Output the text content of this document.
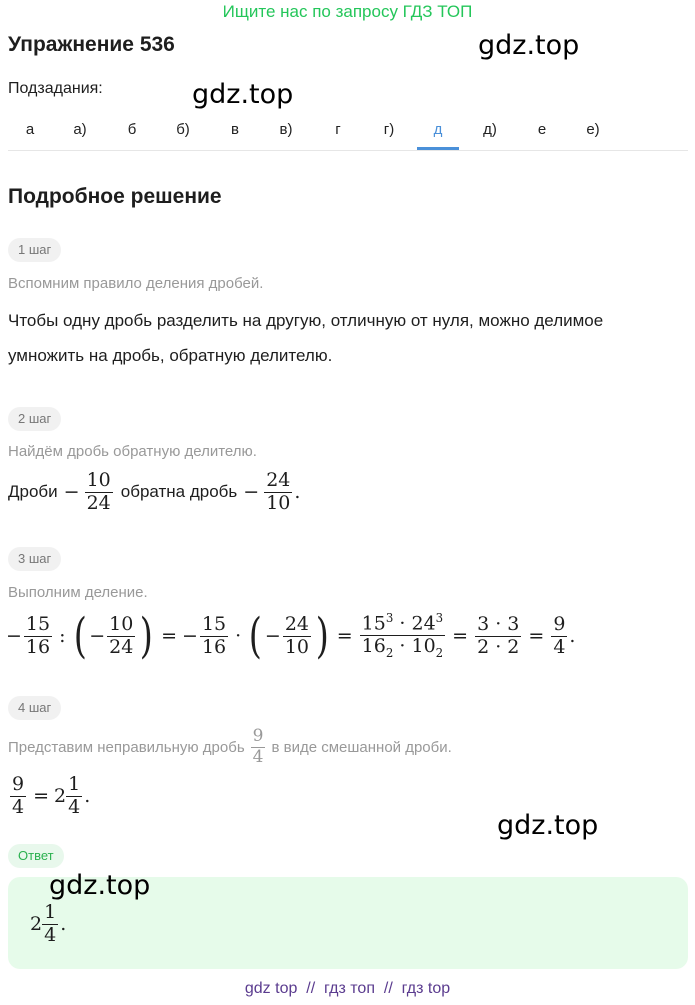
Ищите нас по запросу ГДЗ ТОП
Упражнение 536	gdz.top
Подзадания:	gdz.top
а	а)	б	б)	в	в)	г	г)	д	д)	е	е)
Подробное решение
1 шаг
Вспомним правило деления дробей.
Чтобы одну дробь разделить на другую, отличную от нуля, можно делимое
умножить на дробь, обратную делителю.
2 шаг
Найдём дробь обратную делителю.
Дроби − $\frac{10}{24}$ обратна дробь − $\frac{24}{10}$ .
3 шаг
Выполним деление.
− $\frac{15}{16}$ : ( − $\frac{10}{24}$ ) = − $\frac{15}{16}$ · ( − $\frac{24}{10}$ ) = $\frac{15^3 \cdot 24^3}{16_2 \cdot 10_2} = \frac{3 \cdot 3}{2 \cdot 2} = \frac{9}{4}$ .
4 шаг
Представим неправильную дробь $\frac{9}{4}$ в виде смешанной дроби.
$\frac{9}{4} = 2 \frac{1}{4}$ .
gdz.top
Ответ
$2 \frac{1}{4}$ .
gdz.top
gdz top  //  гдз топ  //  гдз top
